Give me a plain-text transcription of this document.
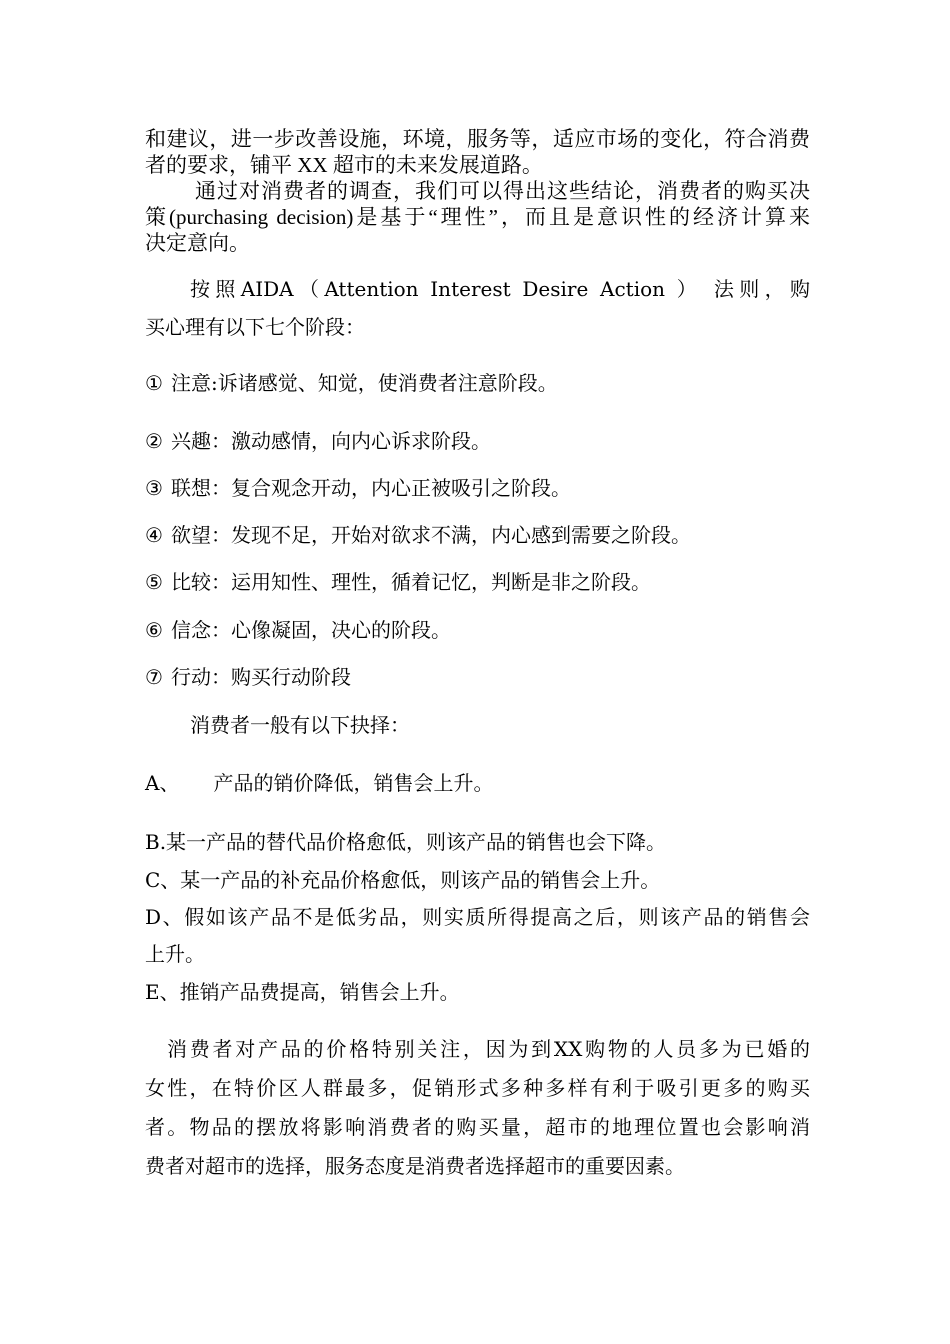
和建议，进一步改善设施，环境，服务等，适应市场的变化，符合消费
者的要求，铺平 XX 超市的未来发展道路。
通过对消费者的调查，我们可以得出这些结论，消费者的购买决
策(purchasing decision)是基于“理性”，而且是意识性的经济计算来
决定意向。
按照AIDA（Attention Interest Desire Action ） 法则，购
买心理有以下七个阶段：
① 注意:诉诸感觉、知觉，使消费者注意阶段。
② 兴趣：激动感情，向内心诉求阶段。
③ 联想：复合观念开动，内心正被吸引之阶段。
④ 欲望：发现不足，开始对欲求不满，内心感到需要之阶段。
⑤ 比较：运用知性、理性，循着记忆，判断是非之阶段。
⑥ 信念：心像凝固，决心的阶段。
⑦ 行动：购买行动阶段
消费者一般有以下抉择：
A、 产品的销价降低，销售会上升。
B.某一产品的替代品价格愈低，则该产品的销售也会下降。
C、某一产品的补充品价格愈低，则该产品的销售会上升。
D、假如该产品不是低劣品，则实质所得提高之后，则该产品的销售会
上升。
E、推销产品费提高，销售会上升。
消费者对产品的价格特别关注，因为到XX购物的人员多为已婚的
女性，在特价区人群最多，促销形式多种多样有利于吸引更多的购买
者。物品的摆放将影响消费者的购买量，超市的地理位置也会影响消
费者对超市的选择，服务态度是消费者选择超市的重要因素。
